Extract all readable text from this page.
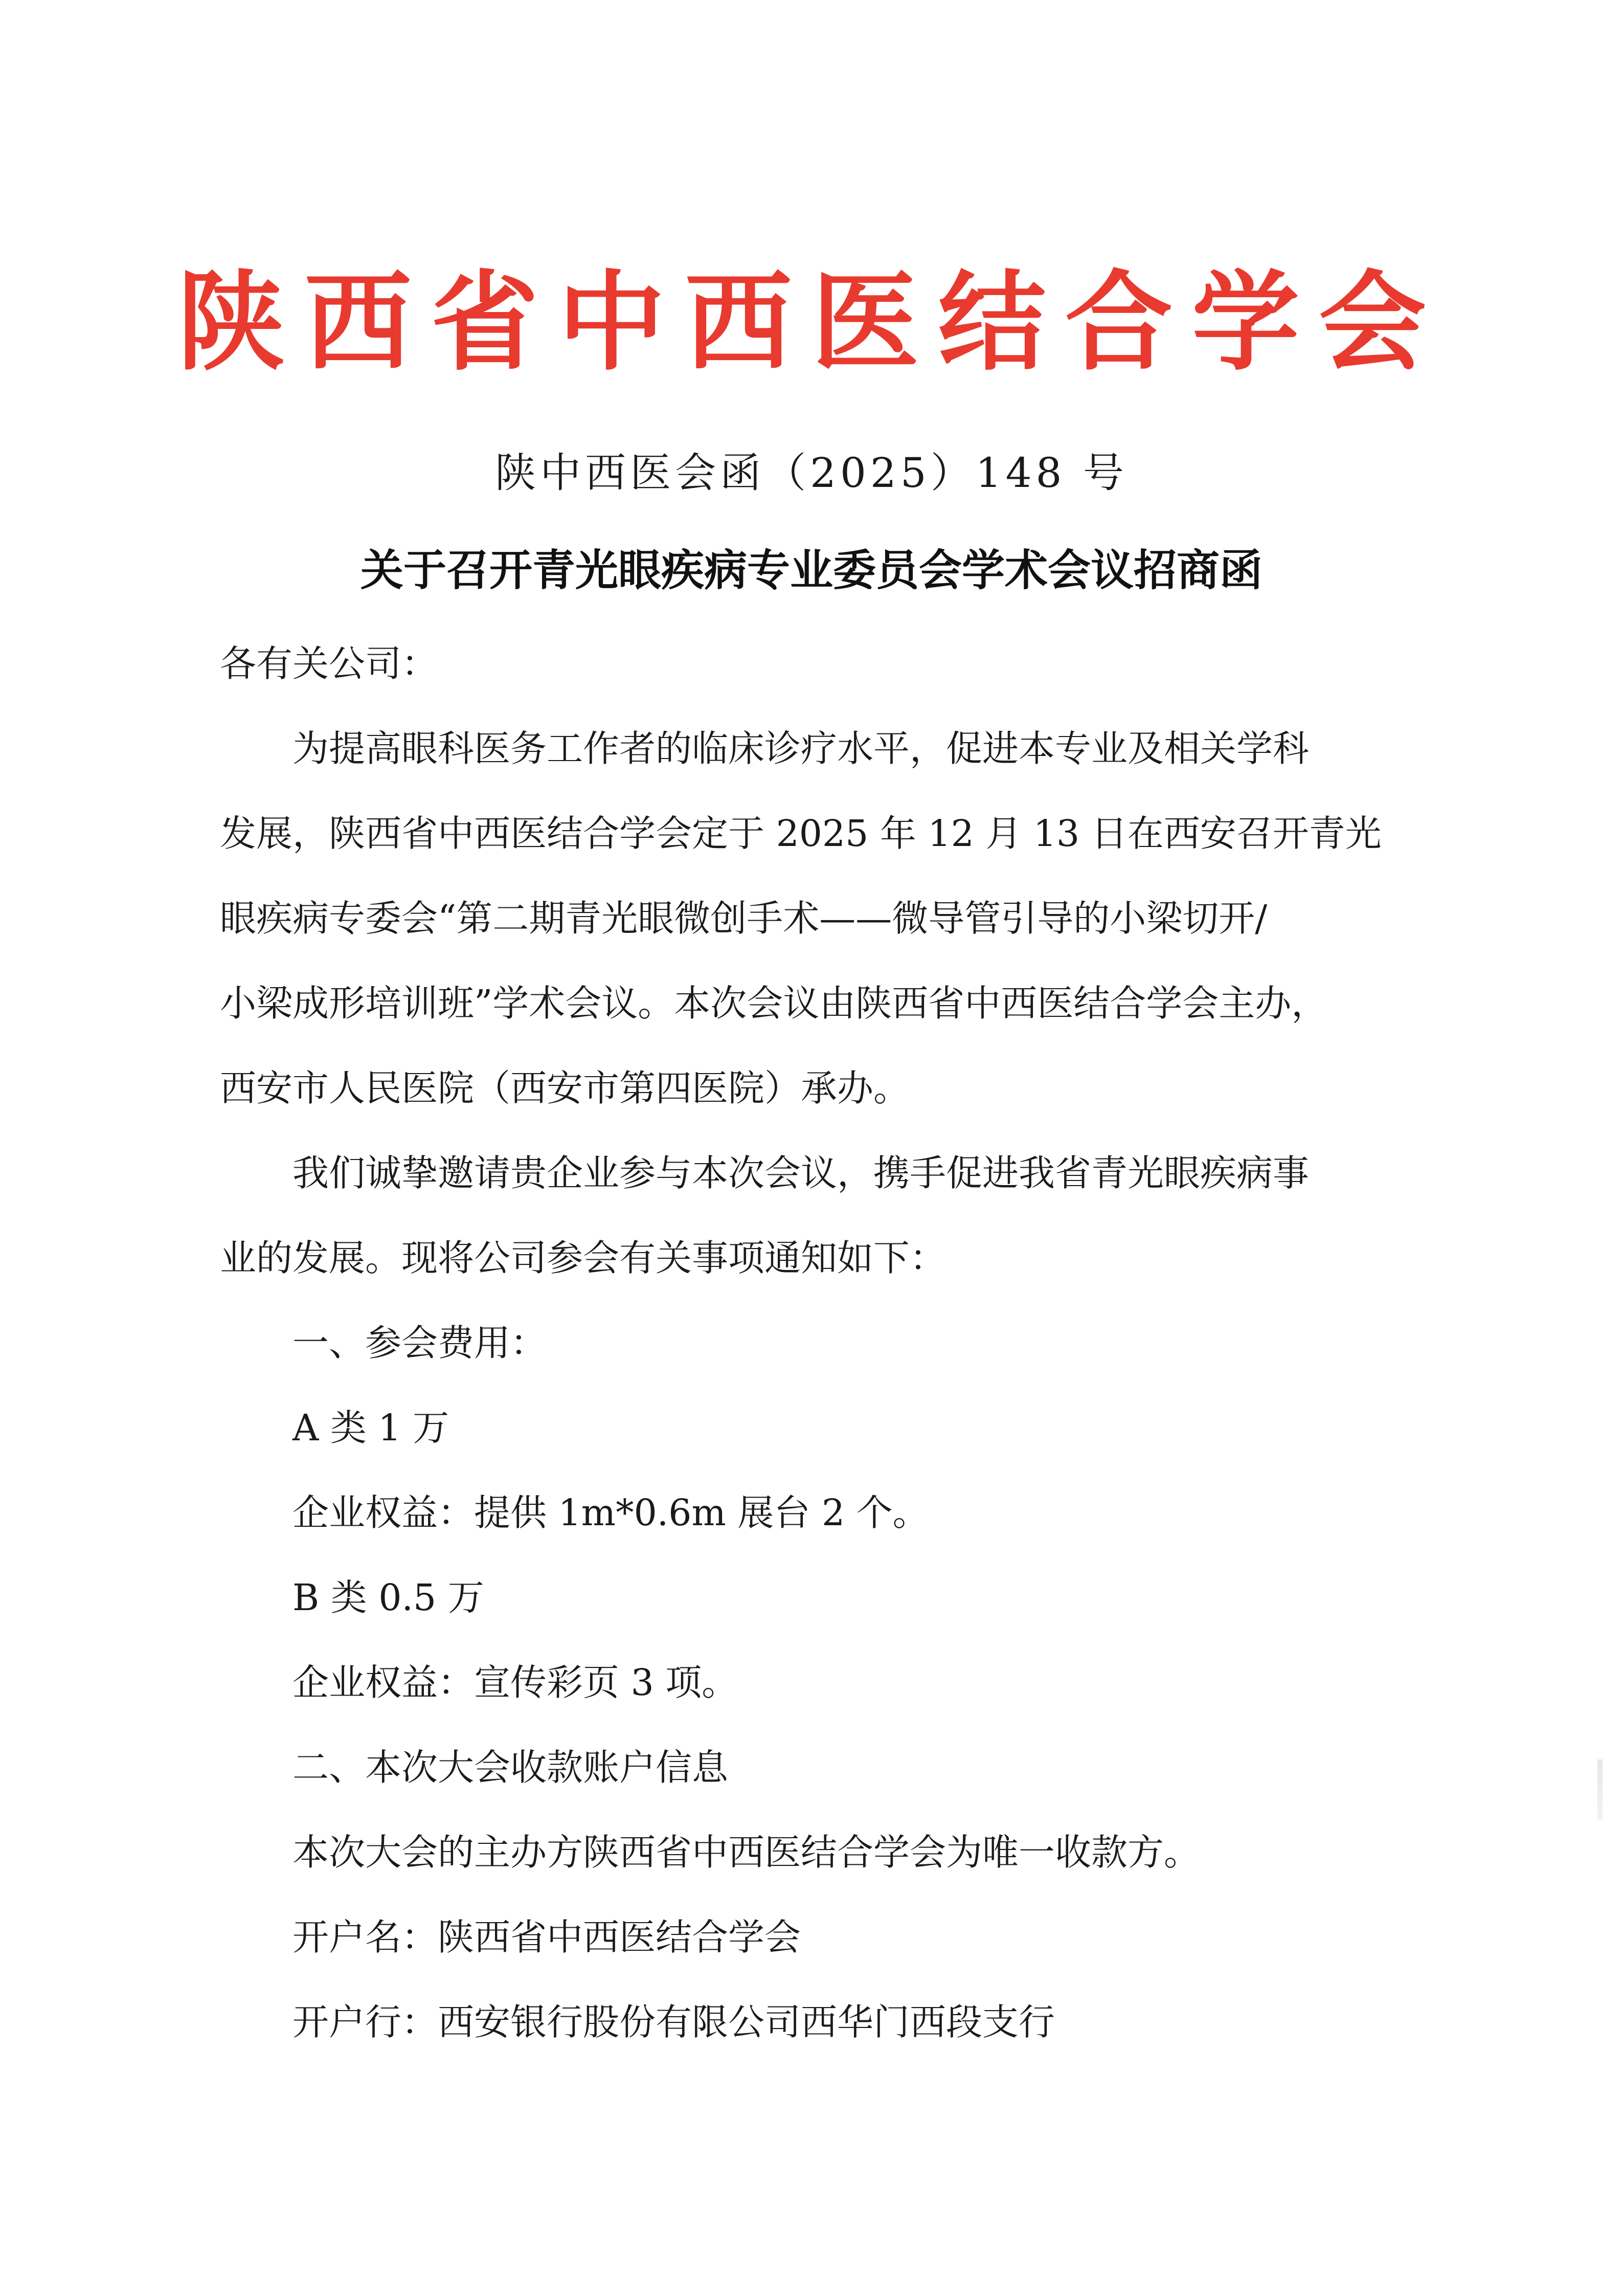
陕西省中西医结合学会
陕中西医会函（2025）148 号
关于召开青光眼疾病专业委员会学术会议招商函
各有关公司：
为提高眼科医务工作者的临床诊疗水平，促进本专业及相关学科
发展，陕西省中西医结合学会定于 2025 年 12 月 13 日在西安召开青光
眼疾病专委会“第二期青光眼微创手术——微导管引导的小梁切开/
小梁成形培训班”学术会议。本次会议由陕西省中西医结合学会主办，
西安市人民医院（西安市第四医院）承办。
我们诚挚邀请贵企业参与本次会议，携手促进我省青光眼疾病事
业的发展。现将公司参会有关事项通知如下：
一、参会费用：
A 类 1 万
企业权益：提供 1m*0.6m 展台 2 个。
B 类 0.5 万
企业权益：宣传彩页 3 项。
二、本次大会收款账户信息
本次大会的主办方陕西省中西医结合学会为唯一收款方。
开户名：陕西省中西医结合学会
开户行：西安银行股份有限公司西华门西段支行
